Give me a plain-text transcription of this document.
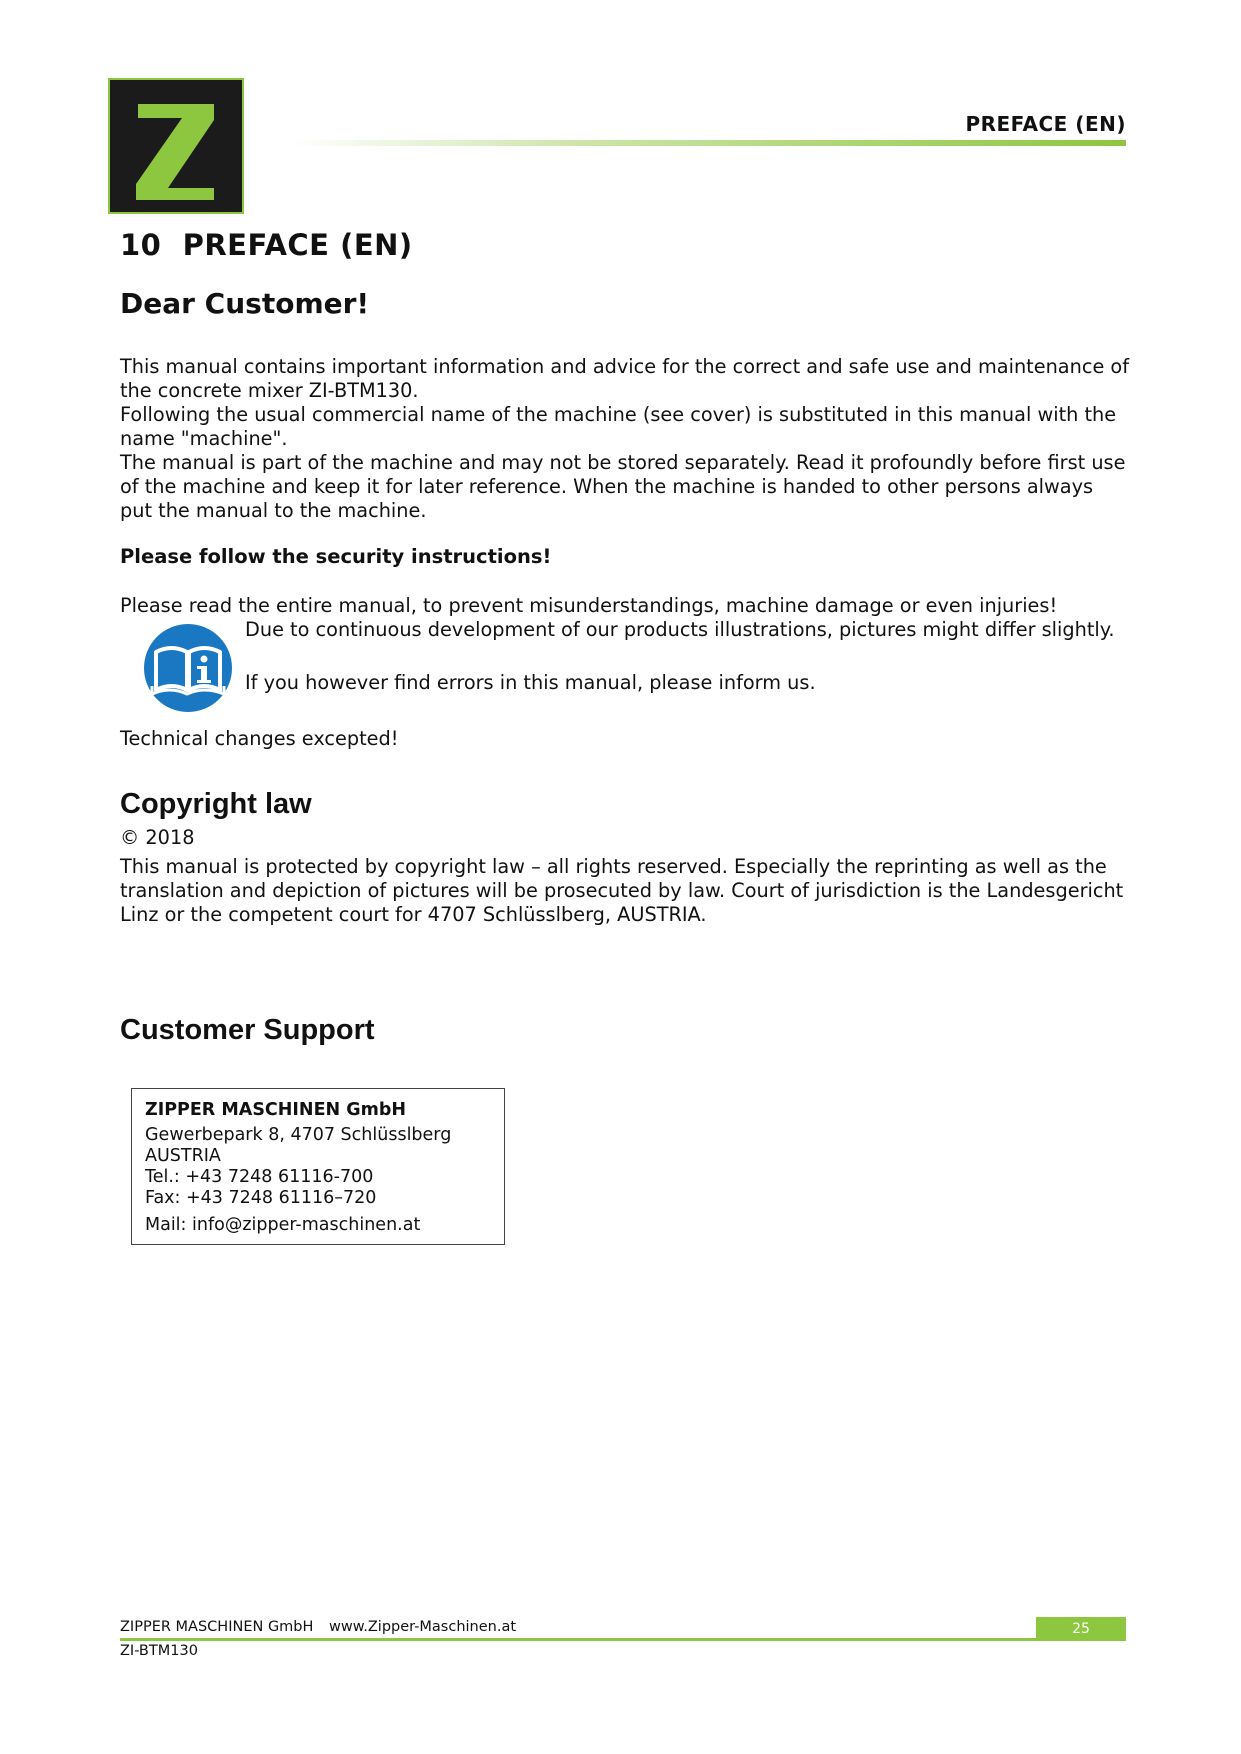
PREFACE (EN)
10 PREFACE (EN)
Dear Customer!

This manual contains important information and advice for the correct and safe use and maintenance of the concrete mixer ZI-BTM130.
Following the usual commercial name of the machine (see cover) is substituted in this manual with the name "machine".
The manual is part of the machine and may not be stored separately. Read it profoundly before first use of the machine and keep it for later reference. When the machine is handed to other persons always put the manual to the machine.

Please follow the security instructions!

Please read the entire manual, to prevent misunderstandings, machine damage or even injuries!

Due to continuous development of our products illustrations, pictures might differ slightly.

If you however find errors in this manual, please inform us.

Technical changes excepted!

Copyright law

© 2018

This manual is protected by copyright law – all rights reserved. Especially the reprinting as well as the translation and depiction of pictures will be prosecuted by law. Court of jurisdiction is the Landesgericht Linz or the competent court for 4707 Schlüsslberg, AUSTRIA.

Customer Support

ZIPPER MASCHINEN GmbH

Gewerbepark 8, 4707 Schlüsslberg

AUSTRIA

Tel.: +43 7248 61116-700

Fax: +43 7248 61116–720

Mail: info@zipper-maschinen.at

ZIPPER MASCHINEN GmbH www.Zipper-Maschinen.at	25
ZI-BTM130
